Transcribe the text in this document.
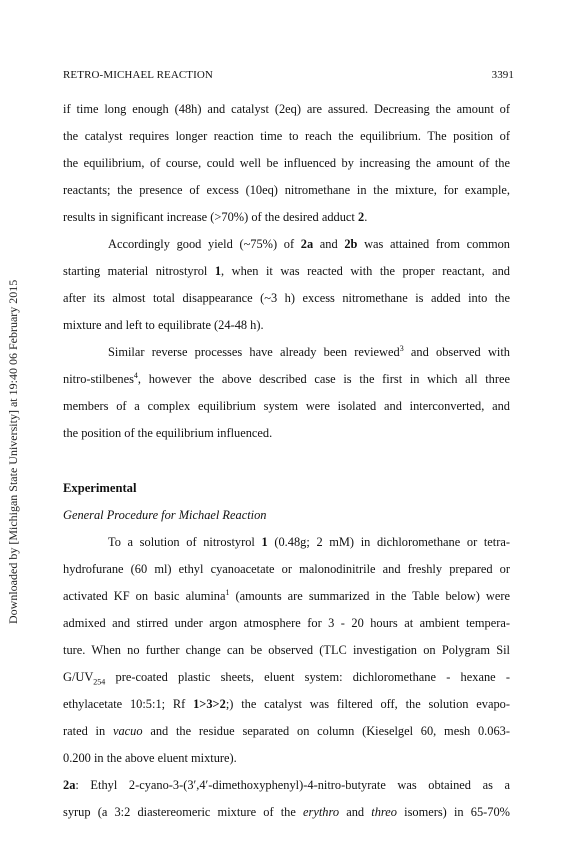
RETRO-MICHAEL REACTION	3391
Downloaded by [Michigan State University] at 19:40 06 February 2015
if time long enough (48h) and catalyst (2eq) are assured. Decreasing the amount of
the catalyst requires longer reaction time to reach the equilibrium. The position of
the equilibrium, of course, could well be influenced by increasing the amount of the
reactants; the presence of excess (10eq) nitromethane in the mixture, for example,
results in significant increase (>70%) of the desired adduct 2.
Accordingly good yield (~75%) of 2a and 2b was attained from common
starting material nitrostyrol 1, when it was reacted with the proper reactant, and
after its almost total disappearance (~3 h) excess nitromethane is added into the
mixture and left to equilibrate (24-48 h).
Similar reverse processes have already been reviewed$^3$ and observed with
nitro-stilbenes$^4$, however the above described case is the first in which all three
members of a complex equilibrium system were isolated and interconverted, and
the position of the equilibrium influenced.
Experimental
General Procedure for Michael Reaction
To a solution of nitrostyrol 1 (0.48g; 2 mM) in dichloromethane or tetra-
hydrofurane (60 ml) ethyl cyanoacetate or malonodinitrile and freshly prepared or
activated KF on basic alumina$^1$ (amounts are summarized in the Table below) were
admixed and stirred under argon atmosphere for 3 - 20 hours at ambient tempera-
ture. When no further change can be observed (TLC investigation on Polygram Sil
$G/UV_{254}$ pre-coated plastic sheets, eluent system: dichloromethane - hexane -
ethylacetate 10:5:1; Rf 1>3>2;) the catalyst was filtered off, the solution evapo-
rated in vacuo and the residue separated on column (Kieselgel 60, mesh 0.063-
0.200 in the above eluent mixture).
2a: Ethyl 2-cyano-3-(3′,4′-dimethoxyphenyl)-4-nitro-butyrate was obtained as a
syrup (a 3:2 diastereomeric mixture of the erythro and threo isomers) in 65-70%
